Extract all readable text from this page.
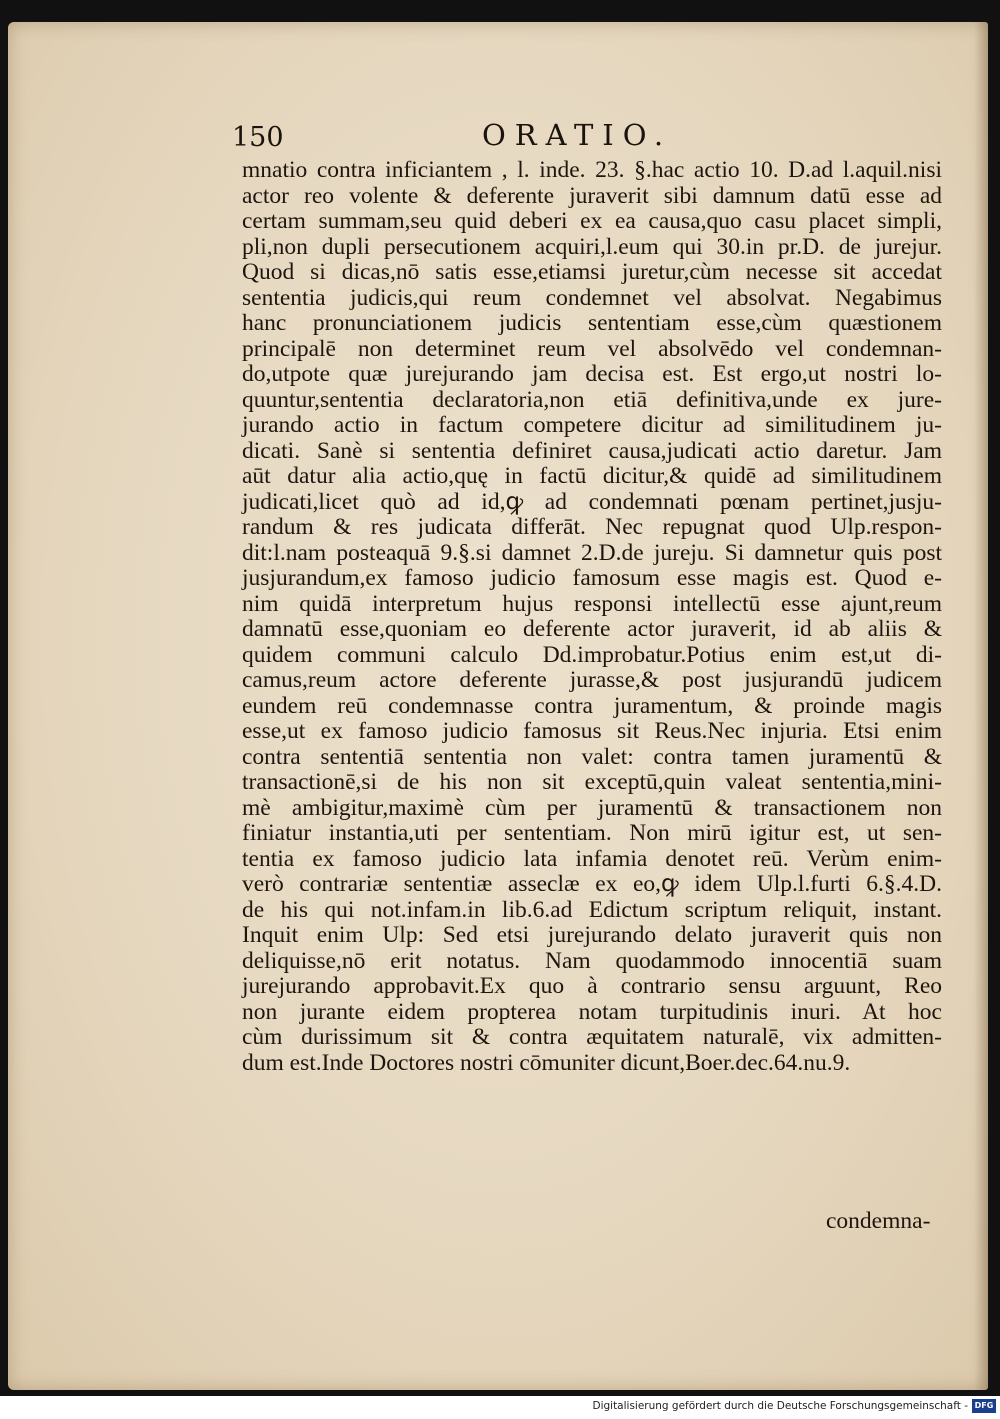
150	ORATIO.
mnatio contra inficiantem , l. inde. 23. §.hac actio 10. D.ad l.aquil.nisi
actor reo volente & deferente juraverit sibi damnum datū esse ad
certam summam,seu quid deberi ex ea causa,quo casu placet simpli,
pli,non dupli persecutionem acquiri,l.eum qui 30.in pr.D. de jurejur.
Quod si dicas,nō satis esse,etiamsi juretur,cùm necesse sit accedat
sententia judicis,qui reum condemnet vel absolvat. Negabimus
hanc pronunciationem judicis sententiam esse,cùm quæstionem
principalē non determinet reum vel absolvēdo vel condemnan-
do,utpote quæ jurejurando jam decisa est. Est ergo,ut nostri lo-
quuntur,sententia declaratoria,non etiā definitiva,unde ex jure-
jurando actio in factum competere dicitur ad similitudinem ju-
dicati. Sanè si sententia definiret causa,judicati actio daretur. Jam
aūt datur alia actio,quę in factū dicitur,& quidē ad similitudinem
judicati,licet quò ad id,ꝙ ad condemnati pœnam pertinet,jusju-
randum & res judicata differāt. Nec repugnat quod Ulp.respon-
dit:l.nam posteaquā 9.§.si damnet 2.D.de jureju. Si damnetur quis post
jusjurandum,ex famoso judicio famosum esse magis est. Quod e-
nim quidā interpretum hujus responsi intellectū esse ajunt,reum
damnatū esse,quoniam eo deferente actor juraverit, id ab aliis &
quidem communi calculo Dd.improbatur.Potius enim est,ut di-
camus,reum actore deferente jurasse,& post jusjurandū judicem
eundem reū condemnasse contra juramentum, & proinde magis
esse,ut ex famoso judicio famosus sit Reus.Nec injuria. Etsi enim
contra sententiā sententia non valet: contra tamen juramentū &
transactionē,si de his non sit exceptū,quin valeat sententia,mini-
mè ambigitur,maximè cùm per juramentū & transactionem non
finiatur instantia,uti per sententiam. Non mirū igitur est, ut sen-
tentia ex famoso judicio lata infamia denotet reū. Verùm enim-
verò contrariæ sententiæ asseclæ ex eo,ꝙ idem Ulp.l.furti 6.§.4.D.
de his qui not.infam.in lib.6.ad Edictum scriptum reliquit, instant.
Inquit enim Ulp: Sed etsi jurejurando delato juraverit quis non
deliquisse,nō erit notatus. Nam quodammodo innocentiā suam
jurejurando approbavit.Ex quo à contrario sensu arguunt, Reo
non jurante eidem propterea notam turpitudinis inuri. At hoc
cùm durissimum sit & contra æquitatem naturalē, vix admitten-
dum est.Inde Doctores nostri cōmuniter dicunt,Boer.dec.64.nu.9.
condemna-
Digitalisierung gefördert durch die Deutsche Forschungsgemeinschaft - DFG
